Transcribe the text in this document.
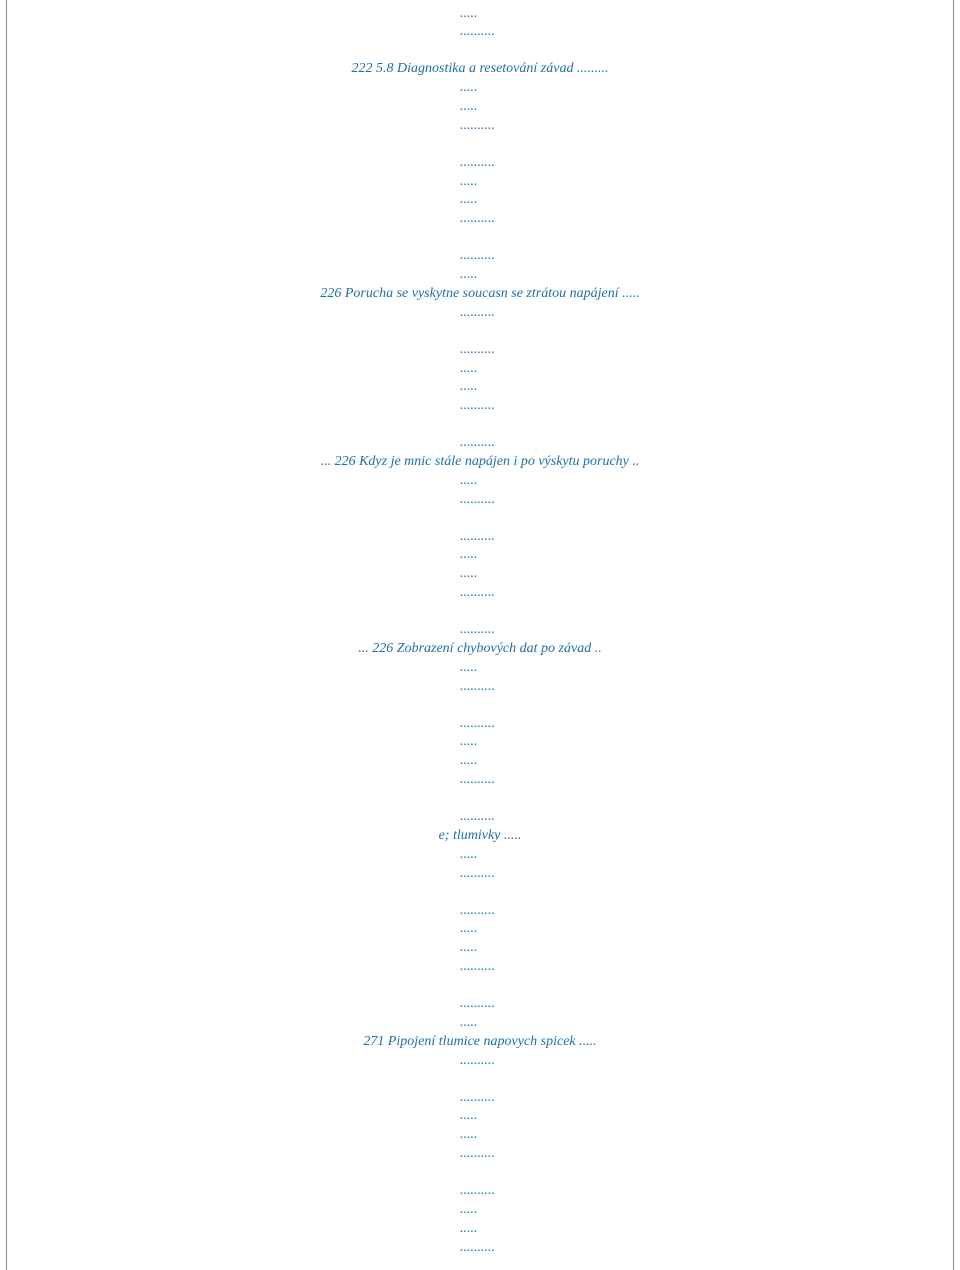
.....
..........
222 5.8 Diagnostika a resetování závad .........
.....
.....
..........
..........
.....
.....
..........
..........
.....
226 Porucha se vyskytne soucasn se ztrátou napájení .....
..........
..........
.....
.....
..........
..........
... 226 Kdyz je mnic stále napájen i po výskytu poruchy ..
.....
..........
..........
.....
.....
..........
..........
... 226 Zobrazení chybových dat po závad ..
.....
..........
..........
.....
.....
..........
..........
e; tlumivky .....
.....
..........
..........
.....
.....
..........
..........
.....
271 Pipojení tlumice napovych spicek .....
..........
..........
.....
.....
..........
..........
.....
.....
..........
